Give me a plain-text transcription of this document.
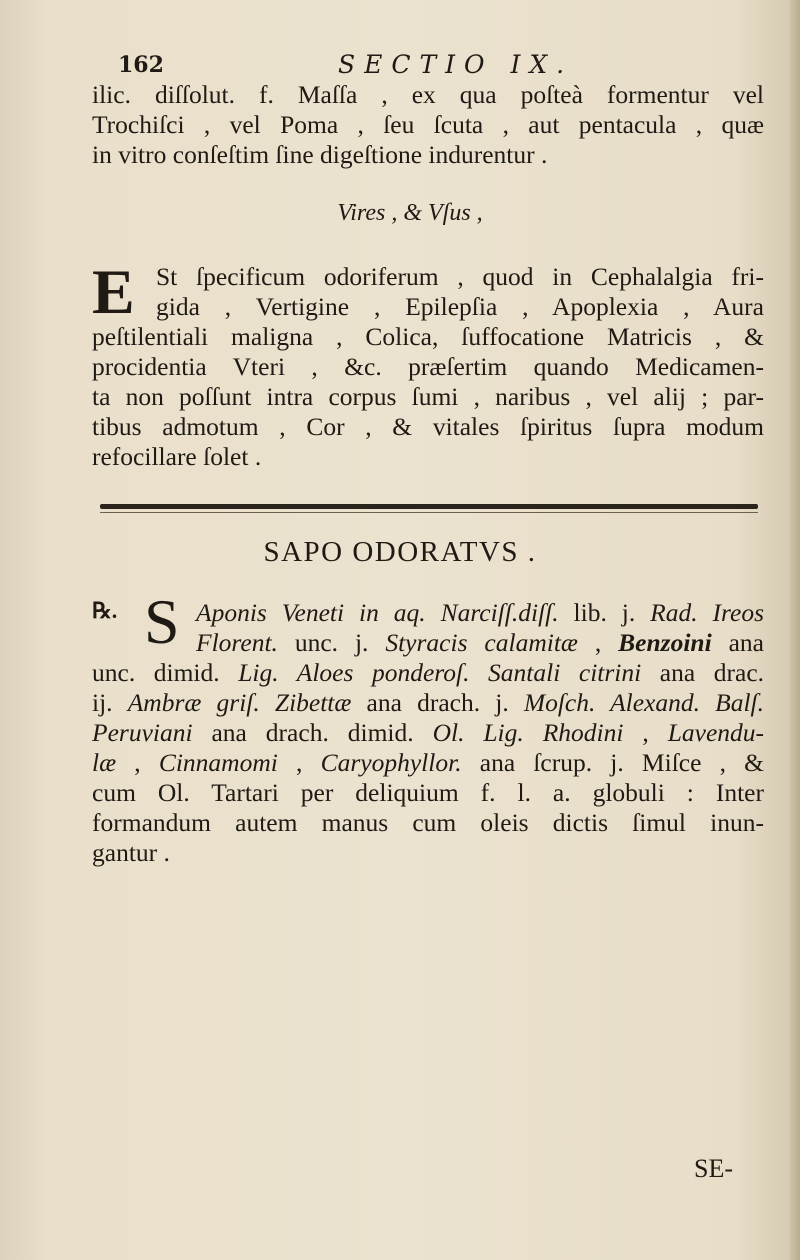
162	SECTIO IX.
ilic. diſſolut. f. Maſſa , ex qua poſteà formentur vel
Trochiſci , vel Poma , ſeu ſcuta , aut pentacula , quæ
in vitro conſeſtim ſine digeſtione indurentur .
Vires , & Vſus ,
E St ſpecificum odoriferum , quod in Cephalalgia fri-
gida , Vertigine , Epilepſia , Apoplexia , Aura
peſtilentiali maligna , Colica, ſuffocatione Matricis , &
procidentia Vteri , &c. præſertim quando Medicamen-
ta non poſſunt intra corpus ſumi , naribus , vel alij ; par-
tibus admotum , Cor , & vitales ſpiritus ſupra modum
refocillare ſolet .
SAPO ODORATVS .
℞. S Aponis Veneti in aq. Narciſſ.diſſ. lib. j. Rad. Ireos
Florent. unc. j. Styracis calamitæ , Benzoini ana
unc. dimid. Lig. Aloes ponderoſ. Santali citrini ana drac.
ij. Ambræ griſ. Zibettæ ana drach. j. Moſch. Alexand. Balſ.
Peruviani ana drach. dimid. Ol. Lig. Rhodini , Lavendu-
læ , Cinnamomi , Caryophyllor. ana ſcrup. j. Miſce , &
cum Ol. Tartari per deliquium f. l. a. globuli : Inter
formandum autem manus cum oleis dictis ſimul inun-
gantur .
SE-
